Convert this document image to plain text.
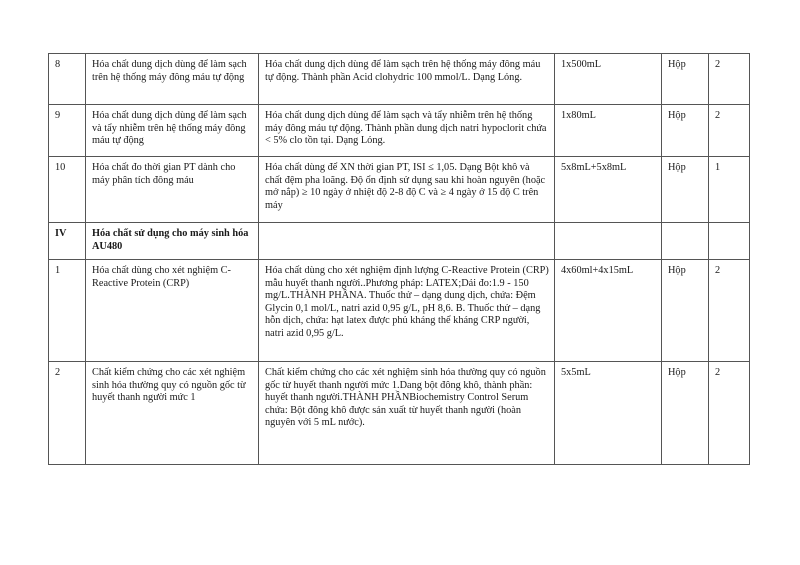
8	Hóa chất dung dịch dùng để làm sạch trên hệ thống máy đông máu tự động	Hóa chất dung dịch dùng để làm sạch trên hệ thống máy đông máu tự động. Thành phần Acid clohydric 100 mmol/L. Dạng Lỏng.	1x500mL	Hộp	2
9	Hóa chất dung dịch dùng để làm sạch và tẩy nhiễm trên hệ thống máy đông máu tự động	Hóa chất dung dịch dùng để làm sạch và tẩy nhiễm trên hệ thống máy đông máu tự động. Thành phần dung dịch natri hypoclorit chứa < 5% clo tồn tại. Dạng Lỏng.	1x80mL	Hộp	2
10	Hóa chất đo thời gian PT dành cho máy phân tích đông máu	Hóa chất dùng để XN thời gian PT, ISI ≤ 1,05. Dạng Bột khô và chất đệm pha loãng. Độ ổn định sử dụng sau khi hoàn nguyên (hoặc mở nắp) ≥ 10 ngày ở nhiệt độ 2-8 độ C và ≥ 4 ngày ở 15 độ C trên máy	5x8mL+5x8mL	Hộp	1
IV	Hóa chất sử dụng cho máy sinh hóa AU480				
1	Hóa chất dùng cho xét nghiệm C-Reactive Protein (CRP)	Hóa chất dùng cho xét nghiệm định lượng C-Reactive Protein (CRP) mẫu huyết thanh người..Phương pháp: LATEX;Dải đo:1.9 - 150 mg/L.THÀNH PHẦNA. Thuốc thử – dạng dung dịch, chứa: Đệm Glycin 0,1 mol/L, natri azid 0,95 g/L, pH 8,6. B. Thuốc thử – dạng hỗn dịch, chứa: hạt latex được phủ kháng thể kháng CRP người, natri azid 0,95 g/L.	4x60ml+4x15mL	Hộp	2
2	Chất kiểm chứng cho các xét nghiệm sinh hóa thường quy có nguồn gốc từ huyết thanh người mức 1	Chất kiểm chứng cho các xét nghiệm sinh hóa thường quy có nguồn gốc từ huyết thanh người mức 1.Dang bột đông khô, thành phần: huyết thanh người.THÀNH PHẦNBiochemistry Control Serum chứa: Bột đông khô được sản xuất từ huyết thanh người (hoàn nguyên với 5 mL nước).	5x5mL	Hộp	2
